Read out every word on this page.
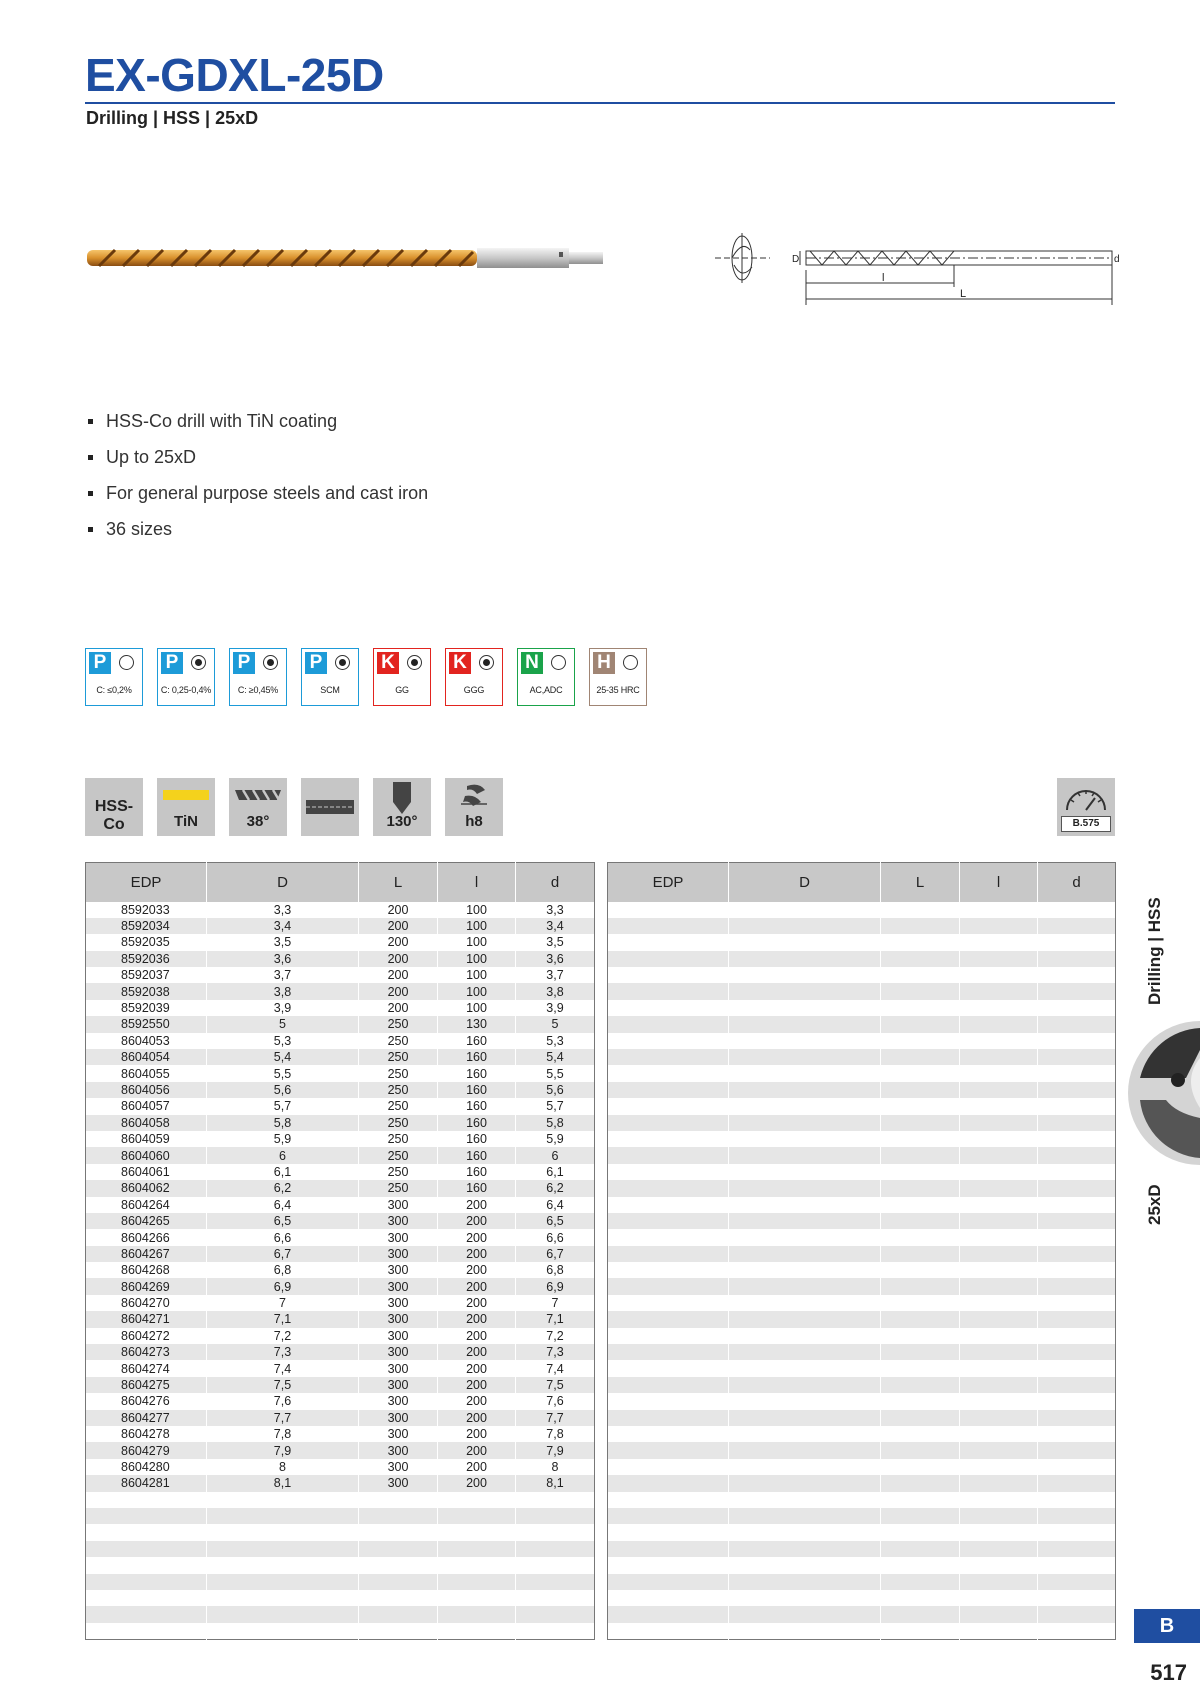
EX-GDXL-25D
Drilling | HSS | 25xD
l
L
D	d
HSS-Co drill with TiN coating
Up to 25xD
For general purpose steels and cast iron
36 sizes
P
C: ≤0,2%
P
C: 0,25-0,4%
P
C: ≥0,45%
P
SCM
K
GG
K
GGG
N
AC,ADC
H
25-35 HRC
HSS-Co	TiN	38°	130°	h8	B.575
EDP	D	L	l	d
8592033	3,3	200	100	3,3
8592034	3,4	200	100	3,4
8592035	3,5	200	100	3,5
8592036	3,6	200	100	3,6
8592037	3,7	200	100	3,7
8592038	3,8	200	100	3,8
8592039	3,9	200	100	3,9
8592550	5	250	130	5
8604053	5,3	250	160	5,3
8604054	5,4	250	160	5,4
8604055	5,5	250	160	5,5
8604056	5,6	250	160	5,6
8604057	5,7	250	160	5,7
8604058	5,8	250	160	5,8
8604059	5,9	250	160	5,9
8604060	6	250	160	6
8604061	6,1	250	160	6,1
8604062	6,2	250	160	6,2
8604264	6,4	300	200	6,4
8604265	6,5	300	200	6,5
8604266	6,6	300	200	6,6
8604267	6,7	300	200	6,7
8604268	6,8	300	200	6,8
8604269	6,9	300	200	6,9
8604270	7	300	200	7
8604271	7,1	300	200	7,1
8604272	7,2	300	200	7,2
8604273	7,3	300	200	7,3
8604274	7,4	300	200	7,4
8604275	7,5	300	200	7,5
8604276	7,6	300	200	7,6
8604277	7,7	300	200	7,7
8604278	7,8	300	200	7,8
8604279	7,9	300	200	7,9
8604280	8	300	200	8
8604281	8,1	300	200	8,1

EDP	D	L	l	d

Drilling | HSS
25xD
B
517
